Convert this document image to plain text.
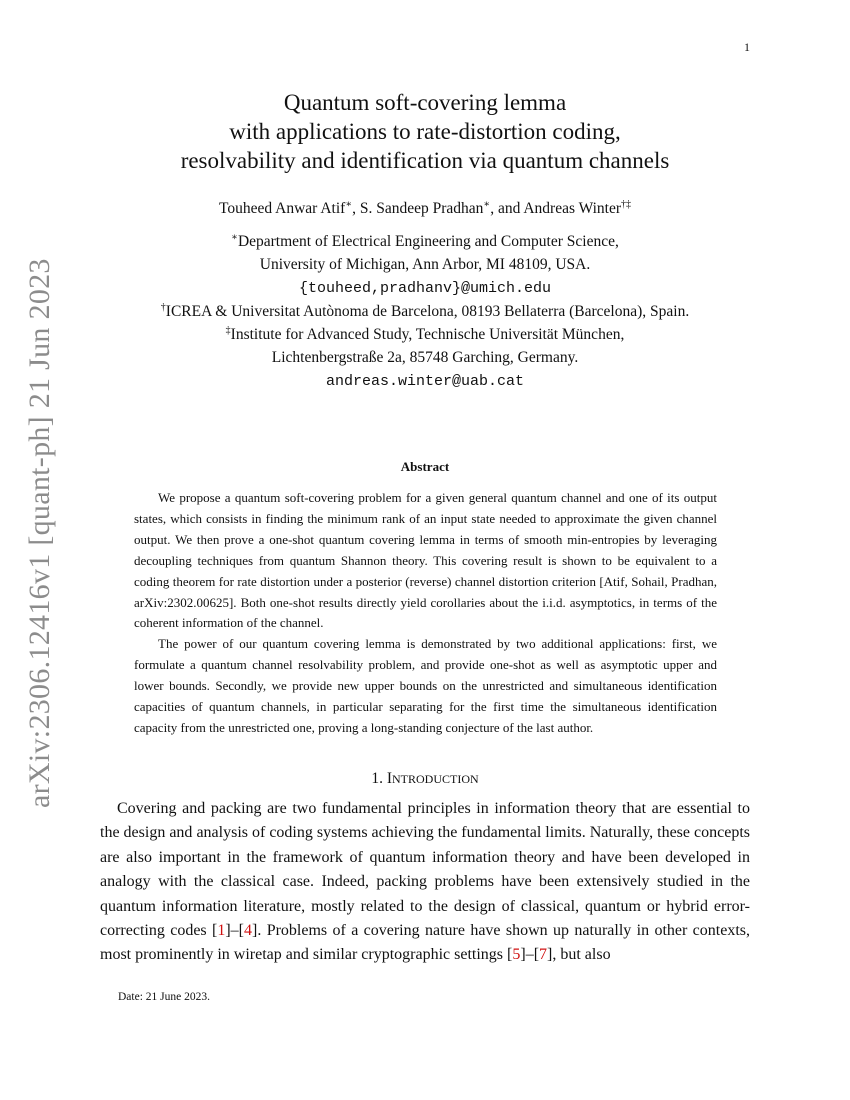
1
arXiv:2306.12416v1 [quant-ph] 21 Jun 2023
Quantum soft-covering lemma
with applications to rate-distortion coding,
resolvability and identification via quantum channels
Touheed Anwar Atif∗, S. Sandeep Pradhan∗, and Andreas Winter†‡
∗Department of Electrical Engineering and Computer Science,
University of Michigan, Ann Arbor, MI 48109, USA.
{touheed,pradhanv}@umich.edu
†ICREA & Universitat Autònoma de Barcelona, 08193 Bellaterra (Barcelona), Spain.
‡Institute for Advanced Study, Technische Universität München,
Lichtenbergstraße 2a, 85748 Garching, Germany.
andreas.winter@uab.cat
Abstract

We propose a quantum soft-covering problem for a given general quantum channel and one of its output states, which consists in finding the minimum rank of an input state needed to approximate the given channel output. We then prove a one-shot quantum covering lemma in terms of smooth min-entropies by leveraging decoupling techniques from quantum Shannon theory. This covering result is shown to be equivalent to a coding theorem for rate distortion under a posterior (reverse) channel distortion criterion [Atif, Sohail, Pradhan, arXiv:2302.00625]. Both one-shot results directly yield corollaries about the i.i.d. asymptotics, in terms of the coherent information of the channel.

The power of our quantum covering lemma is demonstrated by two additional applications: first, we formulate a quantum channel resolvability problem, and provide one-shot as well as asymptotic upper and lower bounds. Secondly, we provide new upper bounds on the unrestricted and simultaneous identification capacities of quantum channels, in particular separating for the first time the simultaneous identification capacity from the unrestricted one, proving a long-standing conjecture of the last author.

1. INTRODUCTION

Covering and packing are two fundamental principles in information theory that are essential to the design and analysis of coding systems achieving the fundamental limits. Naturally, these concepts are also important in the framework of quantum information theory and have been developed in analogy with the classical case. Indeed, packing problems have been extensively studied in the quantum information literature, mostly related to the design of classical, quantum or hybrid error-correcting codes [1]–[4]. Problems of a covering nature have shown up naturally in other contexts, most prominently in wiretap and similar cryptographic settings [5]–[7], but also

Date: 21 June 2023.
